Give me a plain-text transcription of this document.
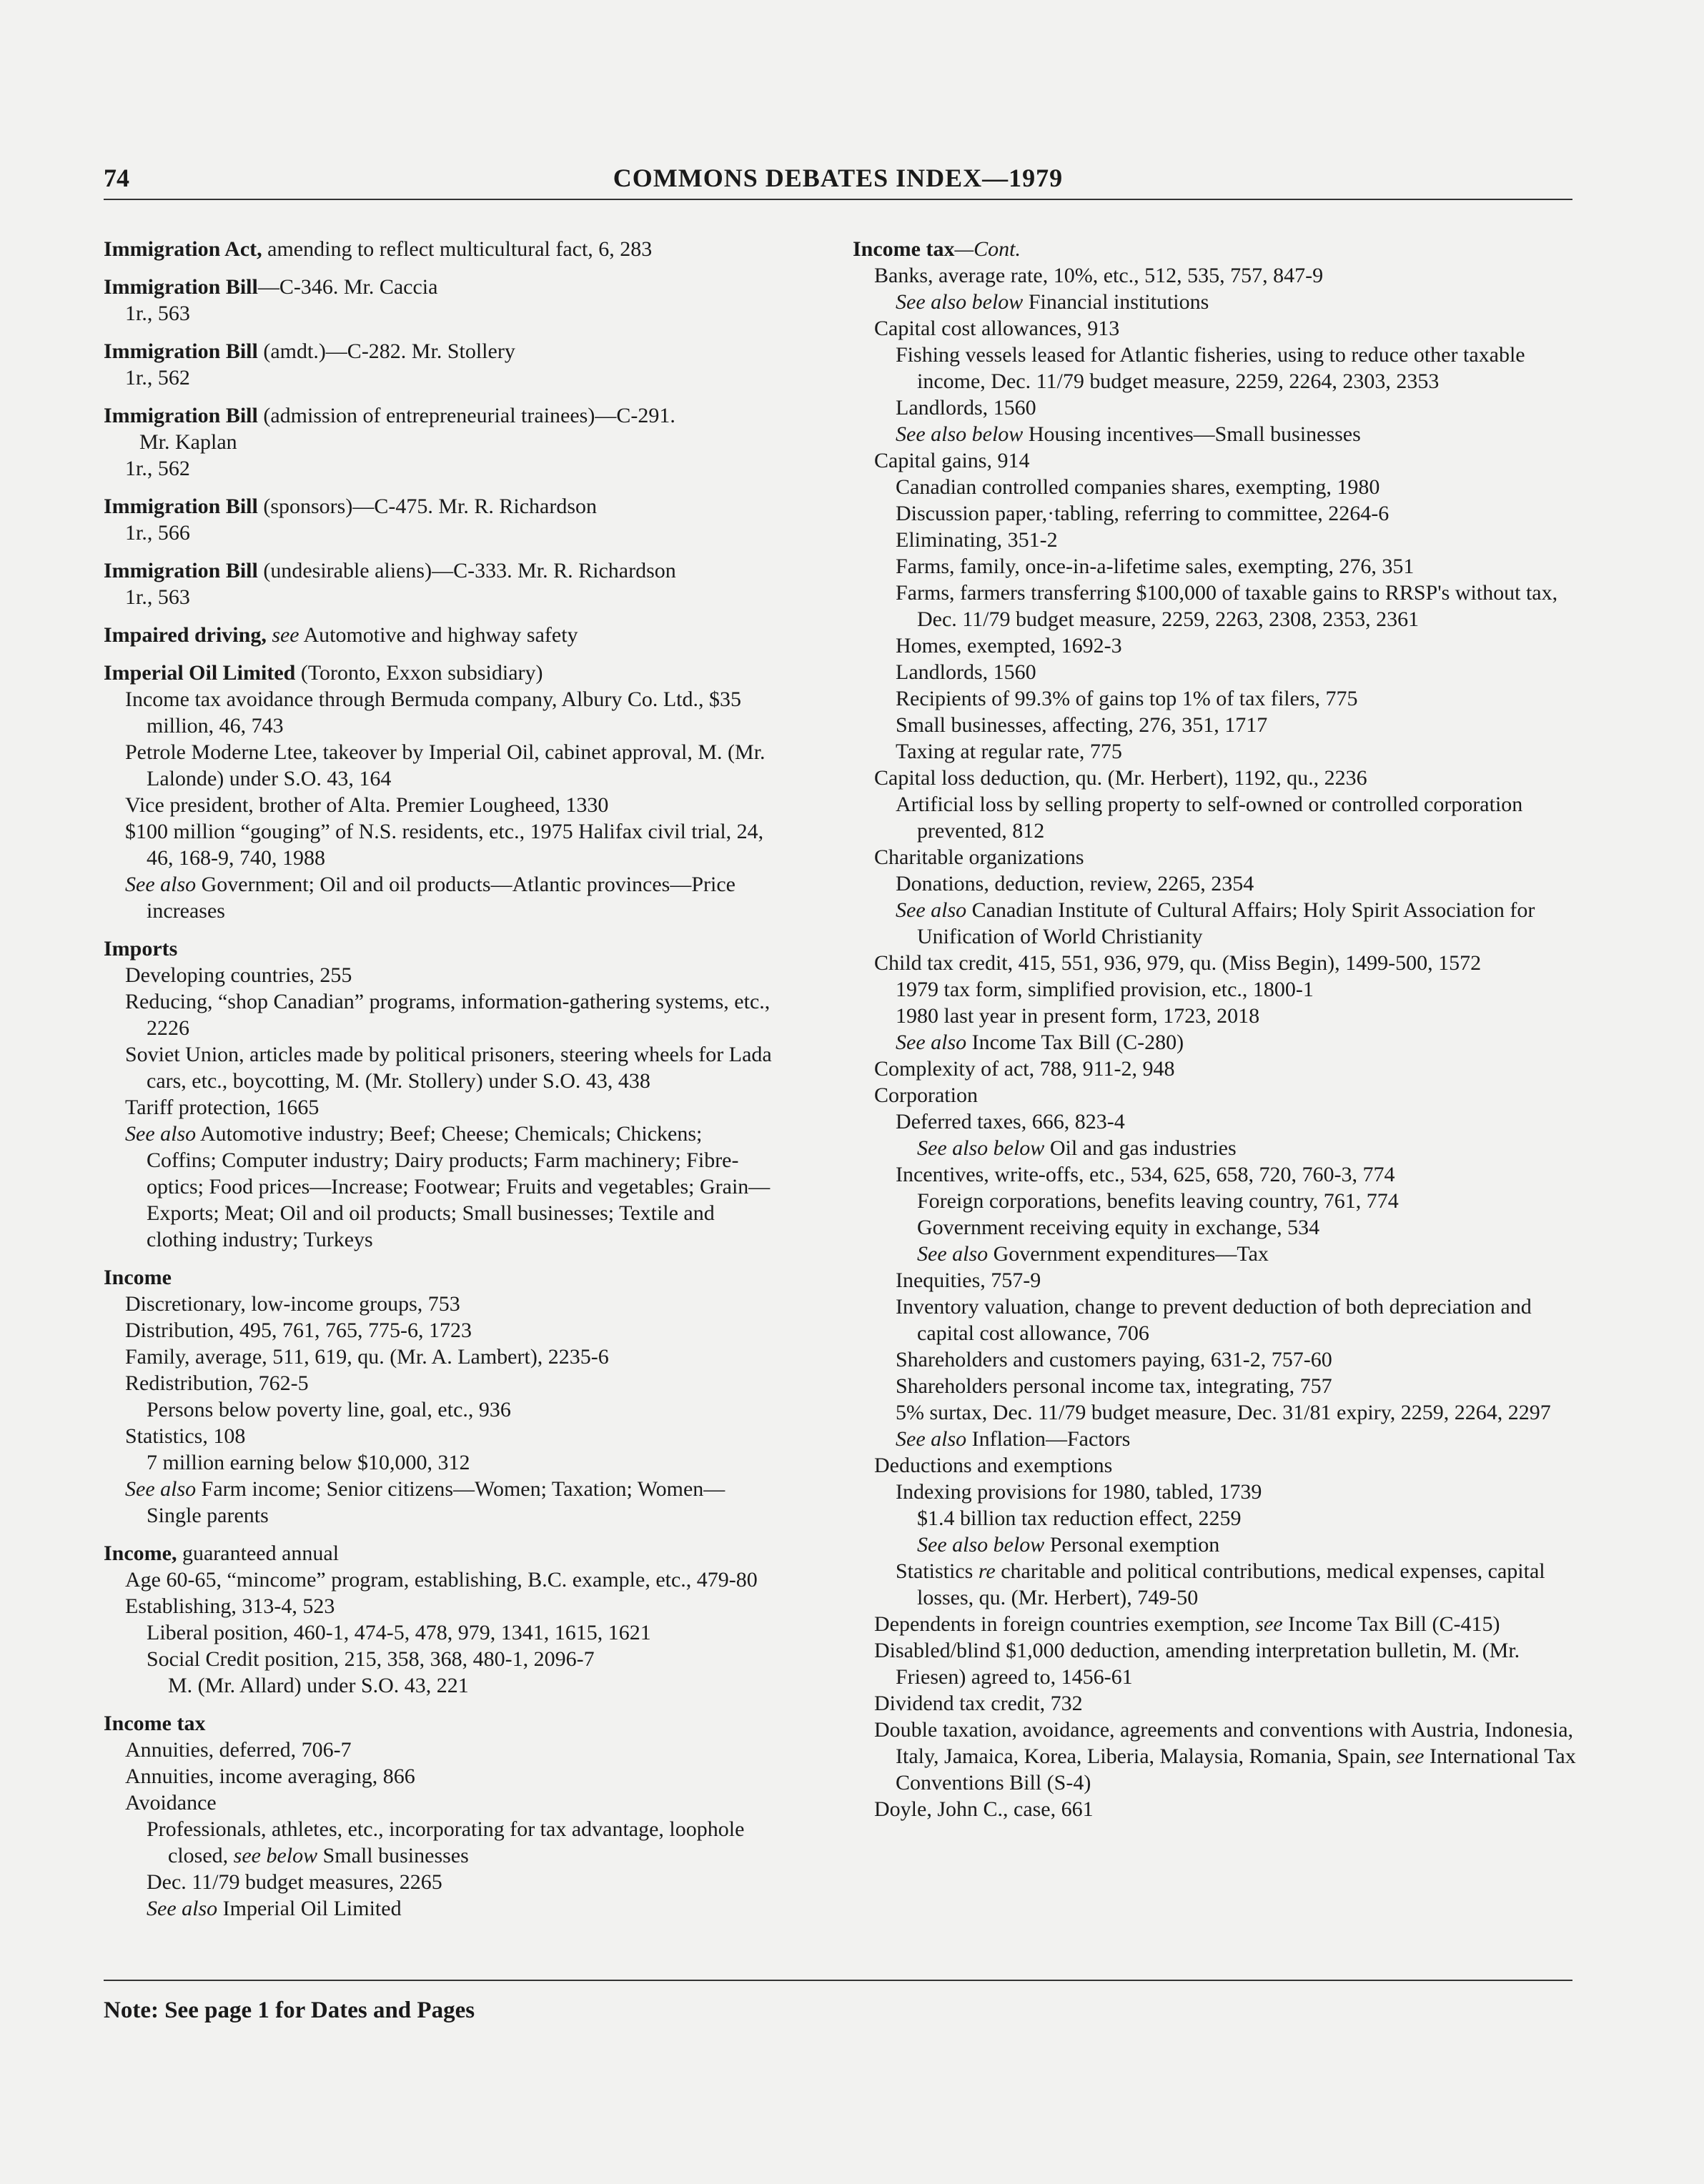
74	COMMONS DEBATES INDEX—1979

Immigration Act, amending to reflect multicultural fact, 6, 283

Immigration Bill—C-346. Mr. Caccia

1r., 563

Immigration Bill (amdt.)—C-282. Mr. Stollery

1r., 562

Immigration Bill (admission of entrepreneurial trainees)—C-291.

Mr. Kaplan

1r., 562

Immigration Bill (sponsors)—C-475. Mr. R. Richardson

1r., 566

Immigration Bill (undesirable aliens)—C-333. Mr. R. Richardson

1r., 563

Impaired driving, see Automotive and highway safety

Imperial Oil Limited (Toronto, Exxon subsidiary)

Income tax avoidance through Bermuda company, Albury Co. Ltd., $35 million, 46, 743

Petrole Moderne Ltee, takeover by Imperial Oil, cabinet approval, M. (Mr. Lalonde) under S.O. 43, 164

Vice president, brother of Alta. Premier Lougheed, 1330

$100 million “gouging” of N.S. residents, etc., 1975 Halifax civil trial, 24, 46, 168-9, 740, 1988

See also Government; Oil and oil products—Atlantic provinces—Price increases

Imports

Developing countries, 255

Reducing, “shop Canadian” programs, information-gathering systems, etc., 2226

Soviet Union, articles made by political prisoners, steering wheels for Lada cars, etc., boycotting, M. (Mr. Stollery) under S.O. 43, 438

Tariff protection, 1665

See also Automotive industry; Beef; Cheese; Chemicals; Chickens; Coffins; Computer industry; Dairy products; Farm machinery; Fibre-optics; Food prices—Increase; Footwear; Fruits and vegetables; Grain—Exports; Meat; Oil and oil products; Small businesses; Textile and clothing industry; Turkeys

Income

Discretionary, low-income groups, 753

Distribution, 495, 761, 765, 775-6, 1723

Family, average, 511, 619, qu. (Mr. A. Lambert), 2235-6

Redistribution, 762-5

Persons below poverty line, goal, etc., 936

Statistics, 108

7 million earning below $10,000, 312

See also Farm income; Senior citizens—Women; Taxation; Women—Single parents

Income, guaranteed annual

Age 60-65, “mincome” program, establishing, B.C. example, etc., 479-80

Establishing, 313-4, 523

Liberal position, 460-1, 474-5, 478, 979, 1341, 1615, 1621

Social Credit position, 215, 358, 368, 480-1, 2096-7

M. (Mr. Allard) under S.O. 43, 221

Income tax

Annuities, deferred, 706-7

Annuities, income averaging, 866

Avoidance

Professionals, athletes, etc., incorporating for tax advantage, loophole closed, see below Small businesses

Dec. 11/79 budget measures, 2265

See also Imperial Oil Limited

Income tax—Cont.

Banks, average rate, 10%, etc., 512, 535, 757, 847-9

See also below Financial institutions

Capital cost allowances, 913

Fishing vessels leased for Atlantic fisheries, using to reduce other taxable income, Dec. 11/79 budget measure, 2259, 2264, 2303, 2353

Landlords, 1560

See also below Housing incentives—Small businesses

Capital gains, 914

Canadian controlled companies shares, exempting, 1980

Discussion paper,·tabling, referring to committee, 2264-6

Eliminating, 351-2

Farms, family, once-in-a-lifetime sales, exempting, 276, 351

Farms, farmers transferring $100,000 of taxable gains to RRSP's without tax, Dec. 11/79 budget measure, 2259, 2263, 2308, 2353, 2361

Homes, exempted, 1692-3

Landlords, 1560

Recipients of 99.3% of gains top 1% of tax filers, 775

Small businesses, affecting, 276, 351, 1717

Taxing at regular rate, 775

Capital loss deduction, qu. (Mr. Herbert), 1192, qu., 2236

Artificial loss by selling property to self-owned or controlled corporation prevented, 812

Charitable organizations

Donations, deduction, review, 2265, 2354

See also Canadian Institute of Cultural Affairs; Holy Spirit Association for Unification of World Christianity

Child tax credit, 415, 551, 936, 979, qu. (Miss Begin), 1499-500, 1572

1979 tax form, simplified provision, etc., 1800-1

1980 last year in present form, 1723, 2018

See also Income Tax Bill (C-280)

Complexity of act, 788, 911-2, 948

Corporation

Deferred taxes, 666, 823-4

See also below Oil and gas industries

Incentives, write-offs, etc., 534, 625, 658, 720, 760-3, 774

Foreign corporations, benefits leaving country, 761, 774

Government receiving equity in exchange, 534

See also Government expenditures—Tax

Inequities, 757-9

Inventory valuation, change to prevent deduction of both depreciation and capital cost allowance, 706

Shareholders and customers paying, 631-2, 757-60

Shareholders personal income tax, integrating, 757

5% surtax, Dec. 11/79 budget measure, Dec. 31/81 expiry, 2259, 2264, 2297

See also Inflation—Factors

Deductions and exemptions

Indexing provisions for 1980, tabled, 1739

$1.4 billion tax reduction effect, 2259

See also below Personal exemption

Statistics re charitable and political contributions, medical expenses, capital losses, qu. (Mr. Herbert), 749-50

Dependents in foreign countries exemption, see Income Tax Bill (C-415)

Disabled/blind $1,000 deduction, amending interpretation bulletin, M. (Mr. Friesen) agreed to, 1456-61

Dividend tax credit, 732

Double taxation, avoidance, agreements and conventions with Austria, Indonesia, Italy, Jamaica, Korea, Liberia, Malaysia, Romania, Spain, see International Tax Conventions Bill (S-4)

Doyle, John C., case, 661

Note: See page 1 for Dates and Pages
